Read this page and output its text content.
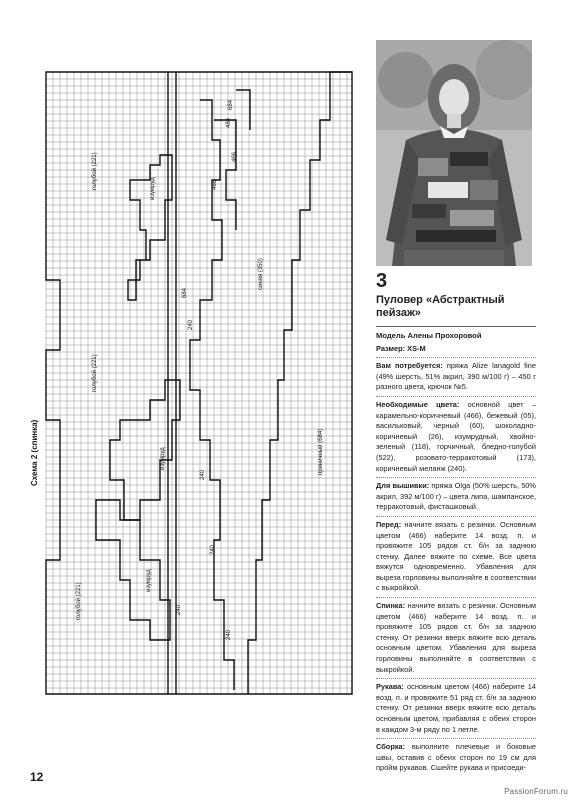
голубой (221)
голубой (221)
голубой (221)
изумруд
изумруд
изумруд
синяя (350)
пряничный (684)
240
240
240
240
240
484
466
466
684
684
Схема 2 (спинка)
12
3
Пуловер «Абстрактный пейзаж»
Модель Алены Прохоровой
Размер: XS-M
Вам потребуется: пряжа Alize lanagold fine (49% шерсть, 51% акрил, 390 м/100 г) – 450 г разного цвета, крючок №5.
Необходимые цвета: основной цвет – карамельно-коричневый (466), бежевый (05), васильковый, черный (60), шоколадно-коричневый (26), изумрудный, хвойно-зеленый (118), горчичный, бледно-голубой (522), розовато-терракотовый (173), коричневый меланж (240).
Для вышивки: пряжа Olga (50% шерсть, 50% акрил, 392 м/100 г) – цвета липа, шампанское, терракотовый, фисташковый.
Перед: начните вязать с резинки. Основным цветом (466) наберите 14 возд. п. и провяжите 105 рядов ст. б/н за заднюю стенку. Далее вяжите по схеме. Все цвета вяжутся одновременно. Убавления для выреза горловины выполняйте в соответствии с выкройкой.
Спинка: начните вязать с резинки. Основным цветом (466) наберите 14 возд. п. и провяжите 105 рядов ст. б/н за заднюю стенку. От резинки вверх вяжите всю деталь основным цветом. Убавления для выреза горловины выполняйте в соответствии с выкройкой.
Рукава: основным цветом (466) наберите 14 возд. п. и провяжите 51 ряд ст. б/н за заднюю стенку. От резинки вверх вяжите всю деталь основным цветом, прибавляя с обеих сторон в каждом 3-м ряду по 1 петле.
Сборка: выполните плечевые и боковые швы, оставив с обеих сторон по 19 см для пройм рукавов. Сшейте рукава и присоеди-
PassionForum.ru
